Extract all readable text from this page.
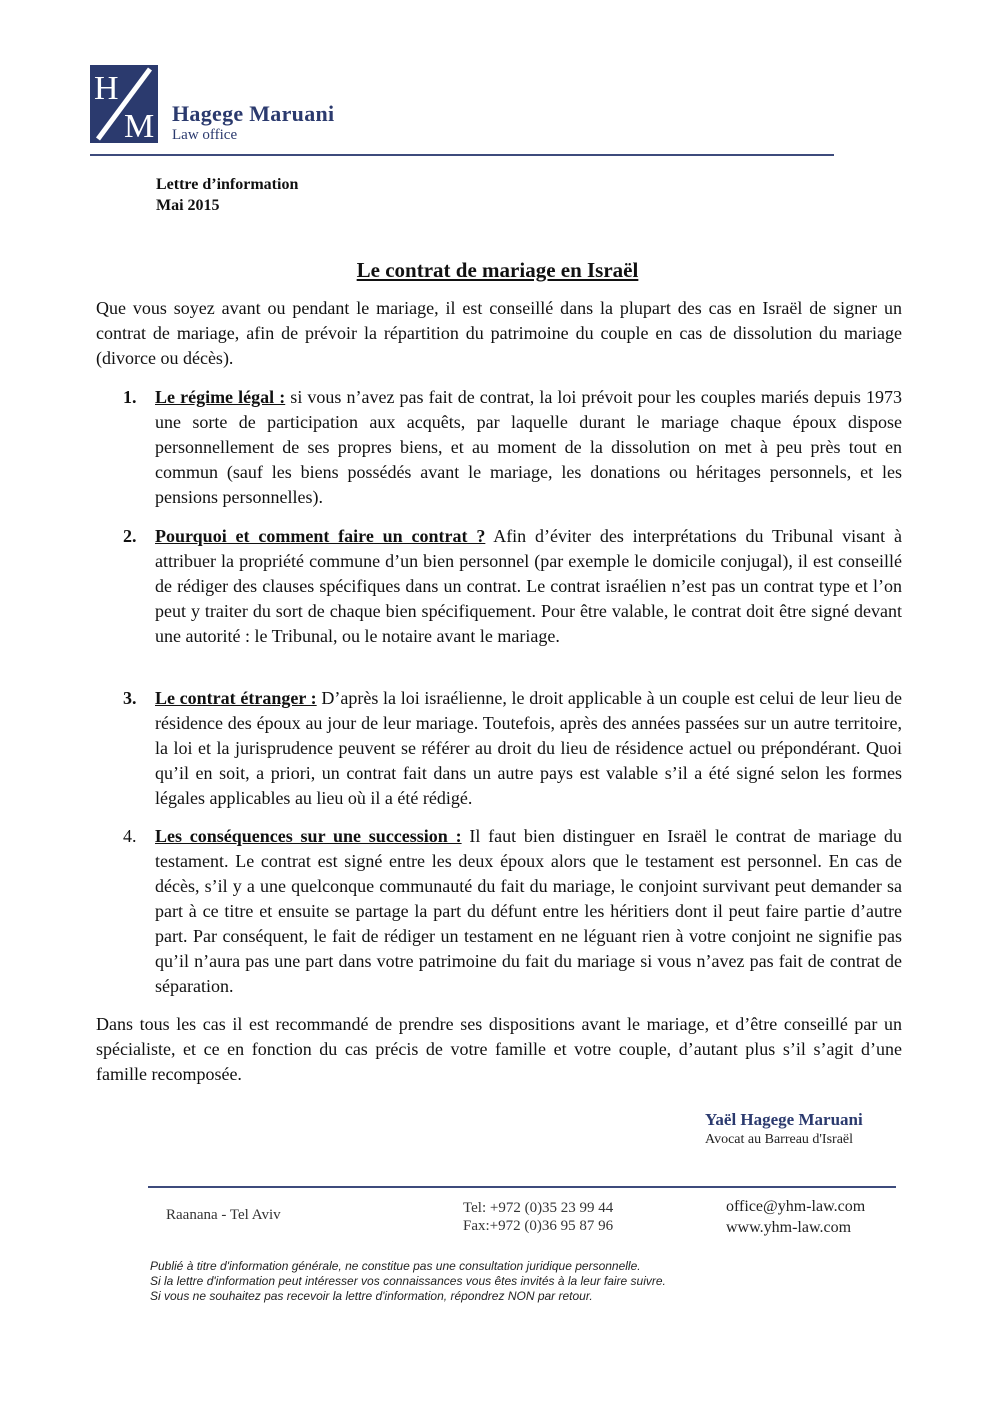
H
M Hagege Maruani
Law office
Lettre d’information
Mai 2015
Le contrat de mariage en Israël
Que vous soyez avant ou pendant le mariage, il est conseillé dans la plupart des cas en Israël de signer un contrat de mariage, afin de prévoir la répartition du patrimoine du couple en cas de dissolution du mariage (divorce ou décès).
1.	Le régime légal : si vous n’avez pas fait de contrat, la loi prévoit pour les couples mariés depuis 1973 une sorte de participation aux acquêts, par laquelle durant le mariage chaque époux dispose personnellement de ses propres biens, et au moment de la dissolution on met à peu près tout en commun (sauf les biens possédés avant le mariage, les donations ou héritages personnels, et les pensions personnelles).
2.	Pourquoi et comment faire un contrat ? Afin d’éviter des interprétations du Tribunal visant à attribuer la propriété commune d’un bien personnel (par exemple le domicile conjugal), il est conseillé de rédiger des clauses spécifiques dans un contrat. Le contrat israélien n’est pas un contrat type et l’on peut y traiter du sort de chaque bien spécifiquement. Pour être valable, le contrat doit être signé devant une autorité : le Tribunal, ou le notaire avant le mariage.
3.	Le contrat étranger : D’après la loi israélienne, le droit applicable à un couple est celui de leur lieu de résidence des époux au jour de leur mariage. Toutefois, après des années passées sur un autre territoire, la loi et la jurisprudence peuvent se référer au droit du lieu de résidence actuel ou prépondérant. Quoi qu’il en soit, a priori, un contrat fait dans un autre pays est valable s’il a été signé selon les formes légales applicables au lieu où il a été rédigé.
4.	Les conséquences sur une succession : Il faut bien distinguer en Israël le contrat de mariage du testament. Le contrat est signé entre les deux époux alors que le testament est personnel. En cas de décès, s’il y a une quelconque communauté du fait du mariage, le conjoint survivant peut demander sa part à ce titre et ensuite se partage la part du défunt entre les héritiers dont il peut faire partie d’autre part. Par conséquent, le fait de rédiger un testament en ne léguant rien à votre conjoint ne signifie pas qu’il n’aura pas une part dans votre patrimoine du fait du mariage si vous n’avez pas fait de contrat de séparation.
Dans tous les cas il est recommandé de prendre ses dispositions avant le mariage, et d’être conseillé par un spécialiste, et ce en fonction du cas précis de votre famille et votre couple, d’autant plus s’il s’agit d’une famille recomposée.
Yaël Hagege Maruani
Avocat au Barreau d'Israël
Raanana - Tel Aviv	Tel: +972 (0)35 23 99 44
Fax:+972 (0)36 95 87 96
office@yhm-law.com
www.yhm-law.com
Publié à titre d'information générale, ne constitue pas une consultation juridique personnelle.
Si la lettre d'information peut intéresser vos connaissances vous êtes invités à la leur faire suivre.
Si vous ne souhaitez pas recevoir la lettre d'information, répondrez NON par retour.
